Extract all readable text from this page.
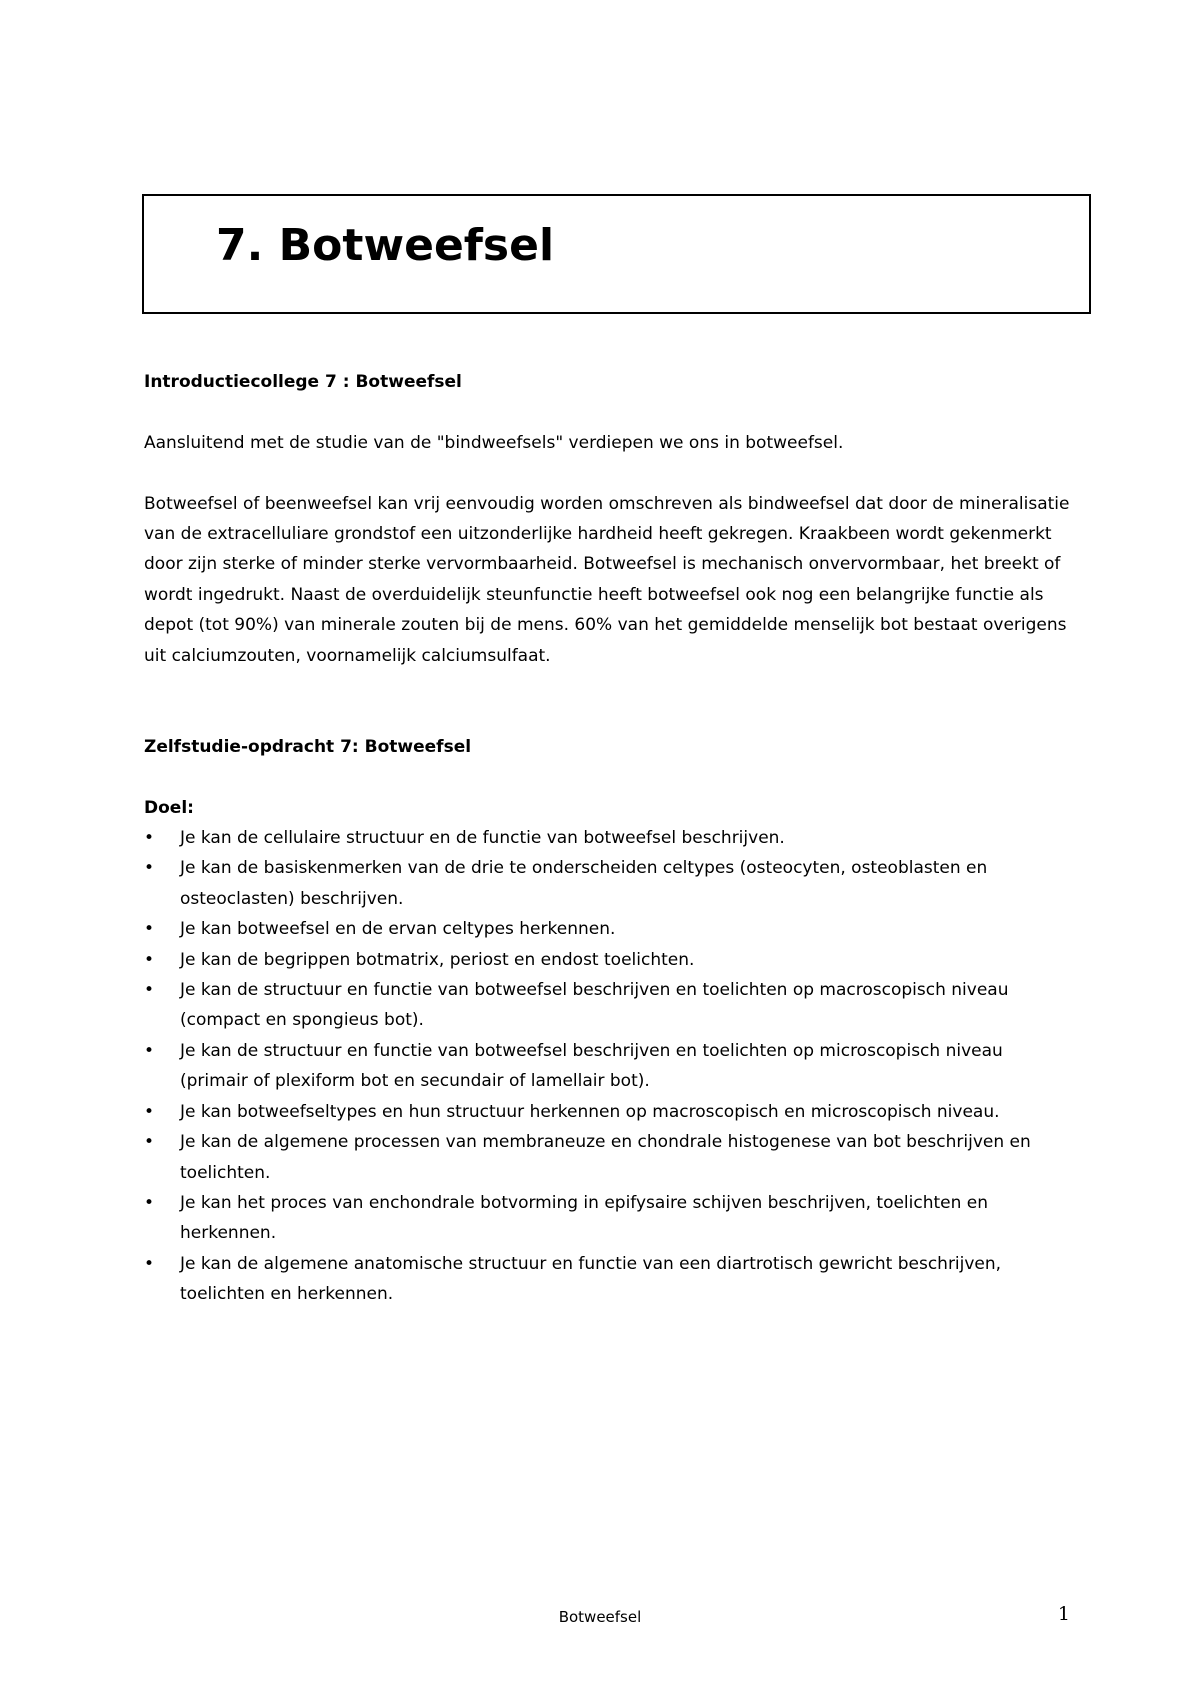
7. Botweefsel

Introductiecollege 7 : Botweefsel

Aansluitend met de studie van de "bindweefsels" verdiepen we ons in botweefsel.

Botweefsel of beenweefsel kan vrij eenvoudig worden omschreven als bindweefsel dat door de mineralisatie van de extracelluliare grondstof een uitzonderlijke hardheid heeft gekregen. Kraakbeen wordt gekenmerkt door zijn sterke of minder sterke vervormbaarheid. Botweefsel is mechanisch onvervormbaar, het breekt of wordt ingedrukt. Naast de overduidelijk steunfunctie heeft botweefsel ook nog een belangrijke functie als depot (tot 90%) van minerale zouten bij de mens. 60% van het gemiddelde menselijk bot bestaat overigens uit calciumzouten, voornamelijk calciumsulfaat.

Zelfstudie-opdracht 7: Botweefsel

Doel:

•	Je kan de cellulaire structuur en de functie van botweefsel beschrijven.
•	Je kan de basiskenmerken van de drie te onderscheiden celtypes (osteocyten, osteoblasten en osteoclasten) beschrijven.
•	Je kan botweefsel en de ervan celtypes herkennen.
•	Je kan de begrippen botmatrix, periost en endost toelichten.
•	Je kan de structuur en functie van botweefsel beschrijven en toelichten op macroscopisch niveau (compact en spongieus bot).
•	Je kan de structuur en functie van botweefsel beschrijven en toelichten op microscopisch niveau (primair of plexiform bot en secundair of lamellair bot).
•	Je kan botweefseltypes en hun structuur herkennen op macroscopisch en microscopisch niveau.
•	Je kan de algemene processen van membraneuze en chondrale histogenese van bot beschrijven en toelichten.
•	Je kan het proces van enchondrale botvorming in epifysaire schijven beschrijven, toelichten en herkennen.
•	Je kan de algemene anatomische structuur en functie van een diartrotisch gewricht beschrijven, toelichten en herkennen.
Botweefsel	1
